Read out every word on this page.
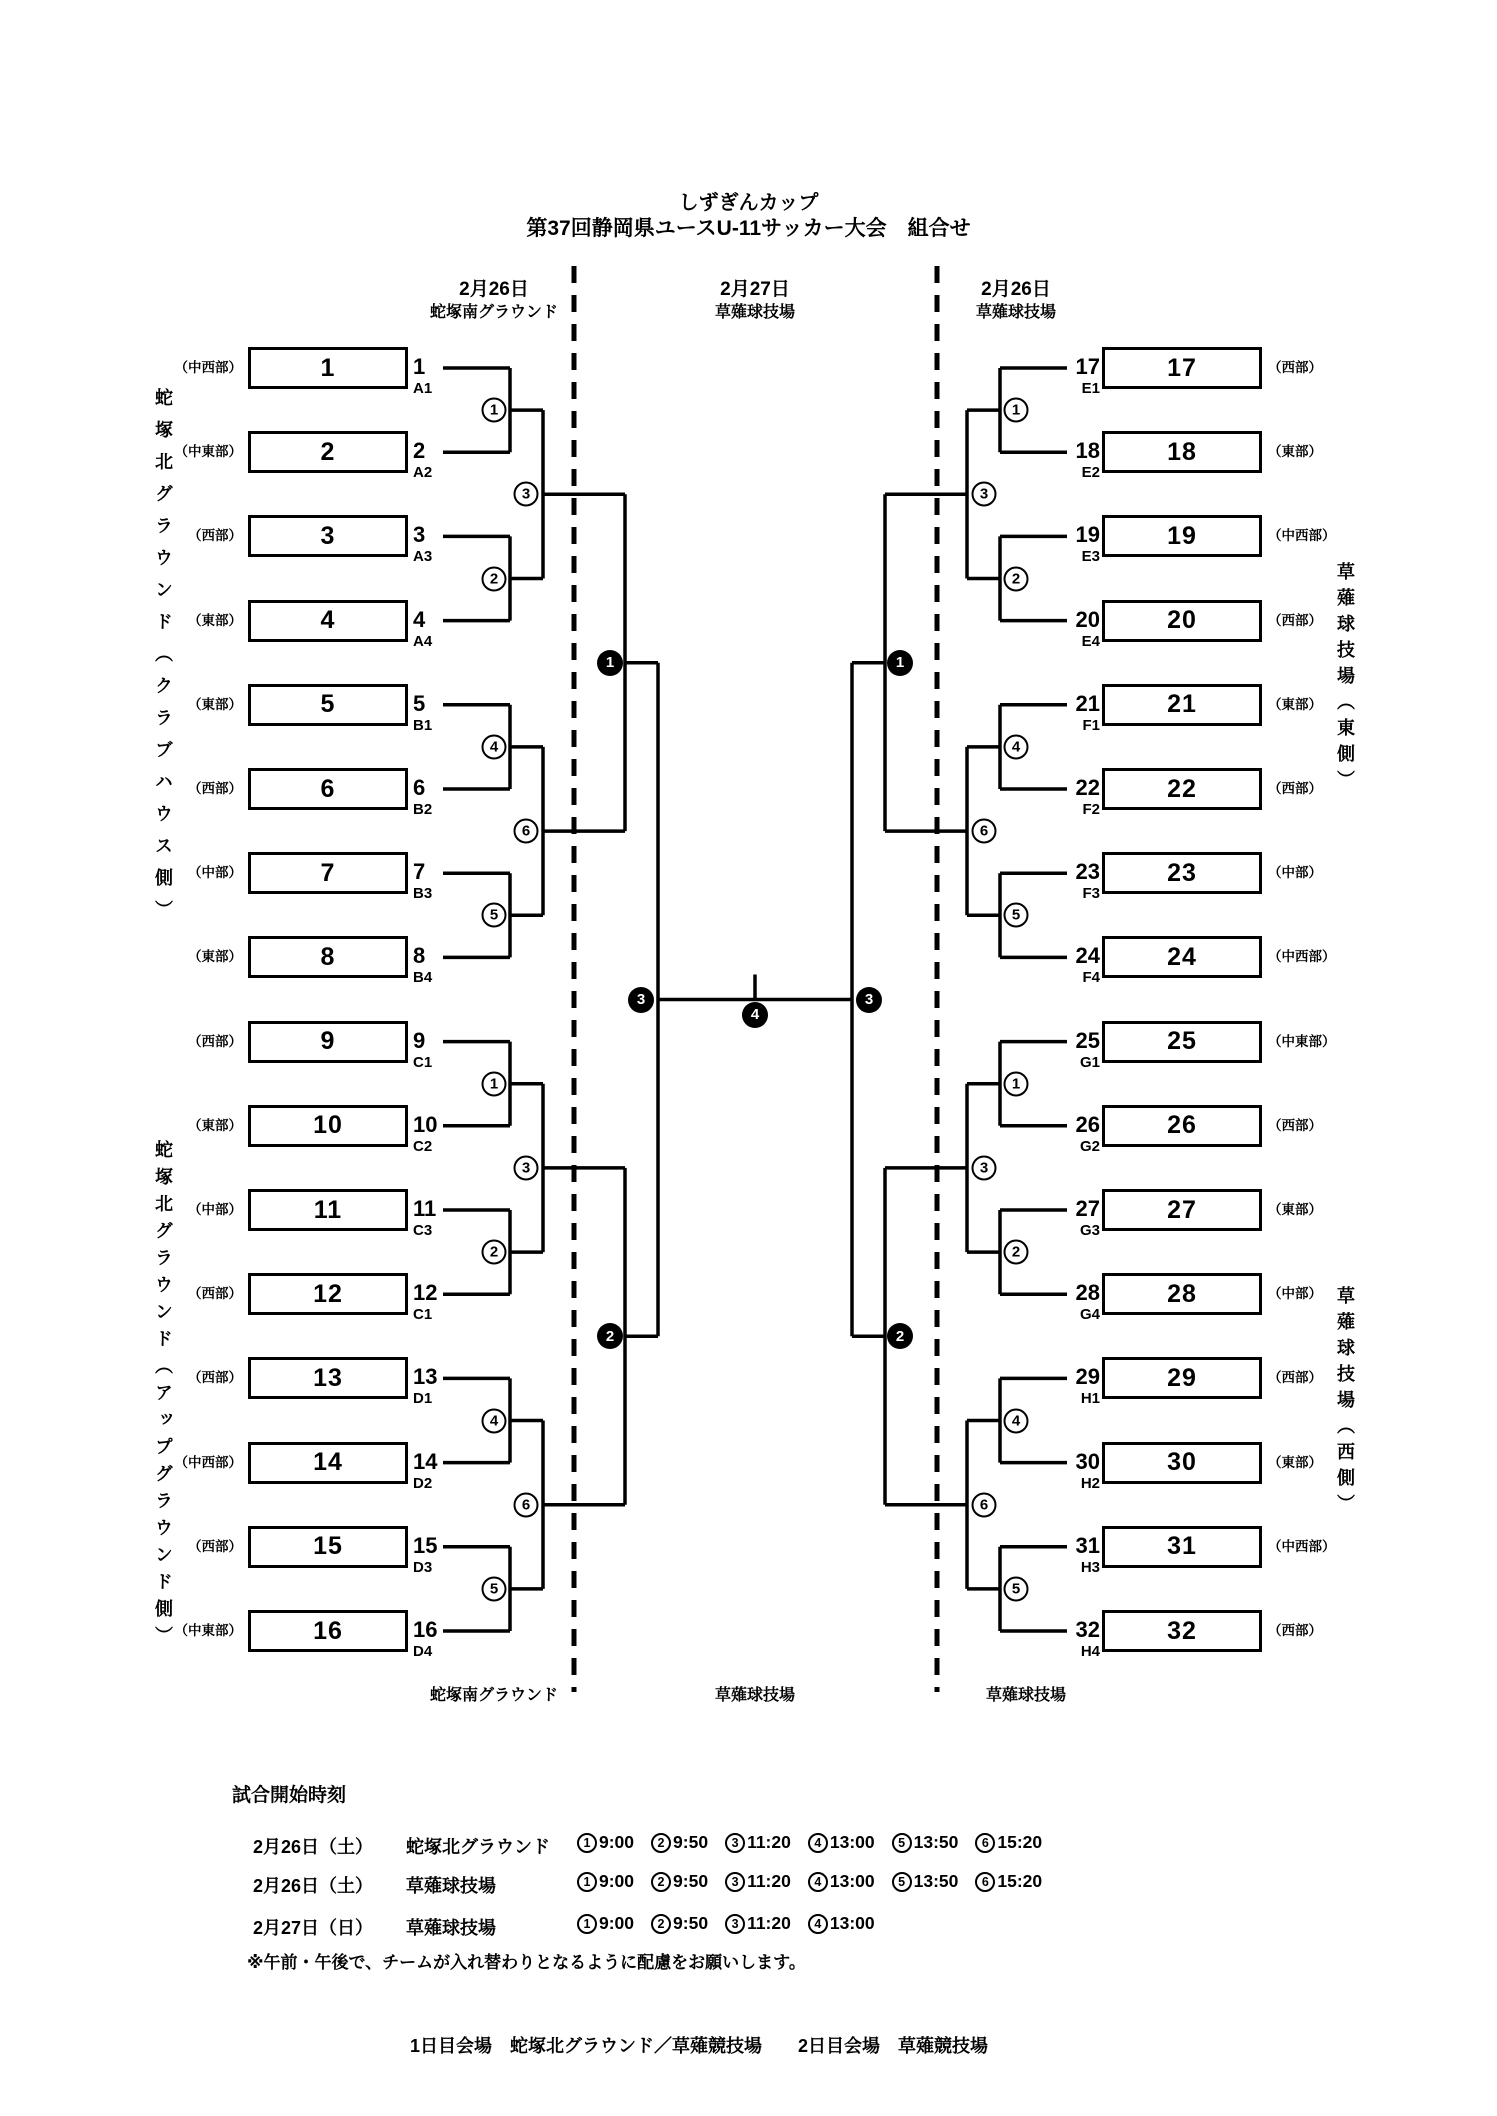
しずぎんカップ
第37回静岡県ユースU-11サッカー大会　組合せ
2月26日
蛇塚南グラウンド
2月27日
草薙球技場
2月26日
草薙球技場
蛇塚南グラウンド	草薙球技場	草薙球技場
蛇塚北グラウンド（クラブハウス側）
蛇塚北グラウンド（アップグラウンド側）
草薙球技場（東側）
草薙球技場（西側）
（中西部）	1	1
A1
17
E1
17	（西部）
（中東部）	2	2
A2
18
E2
18	（東部）
（西部）	3	3
A3
19
E3
19	（中西部）
（東部）	4	4
A4
20
E4
20	（西部）
（東部）	5	5
B1
21
F1
21	（東部）
（西部）	6	6
B2
22
F2
22	（西部）
（中部）	7	7
B3
23
F3
23	（中部）
（東部）	8	8
B4
24
F4
24	（中西部）
（西部）	9	9
C1
25
G1
25	（中東部）
（東部）	10	10
C2
26
G2
26	（西部）
（中部）	11	11
C3
27
G3
27	（東部）
（西部）	12	12
C1
28
G4
28	（中部）
（西部）	13	13
D1
29
H1
29	（西部）
（中西部）	14	14
D2
30
H2
30	（東部）
（西部）	15	15
D3
31
H3
31	（中西部）
（中東部）	16	16
D4
32
H4
32	（西部）
1
2
4
5
3
6
1
1
2
4
5
3
6
2
3
1
2
4
5
3
6
1
1
2
4
5
3
6
2
3
4
試合開始時刻
2月26日（土）	蛇塚北グラウンド	1 9:00	2 9:50	3 11:20	4 13:00	5 13:50	6 15:20
2月26日（土）	草薙球技場	1 9:00	2 9:50	3 11:20	4 13:00	5 13:50	6 15:20
2月27日（日）	草薙球技場	1 9:00	2 9:50	3 11:20	4 13:00
※午前・午後で、チームが入れ替わりとなるように配慮をお願いします。
1日目会場　蛇塚北グラウンド／草薙競技場　　2日目会場　草薙競技場
